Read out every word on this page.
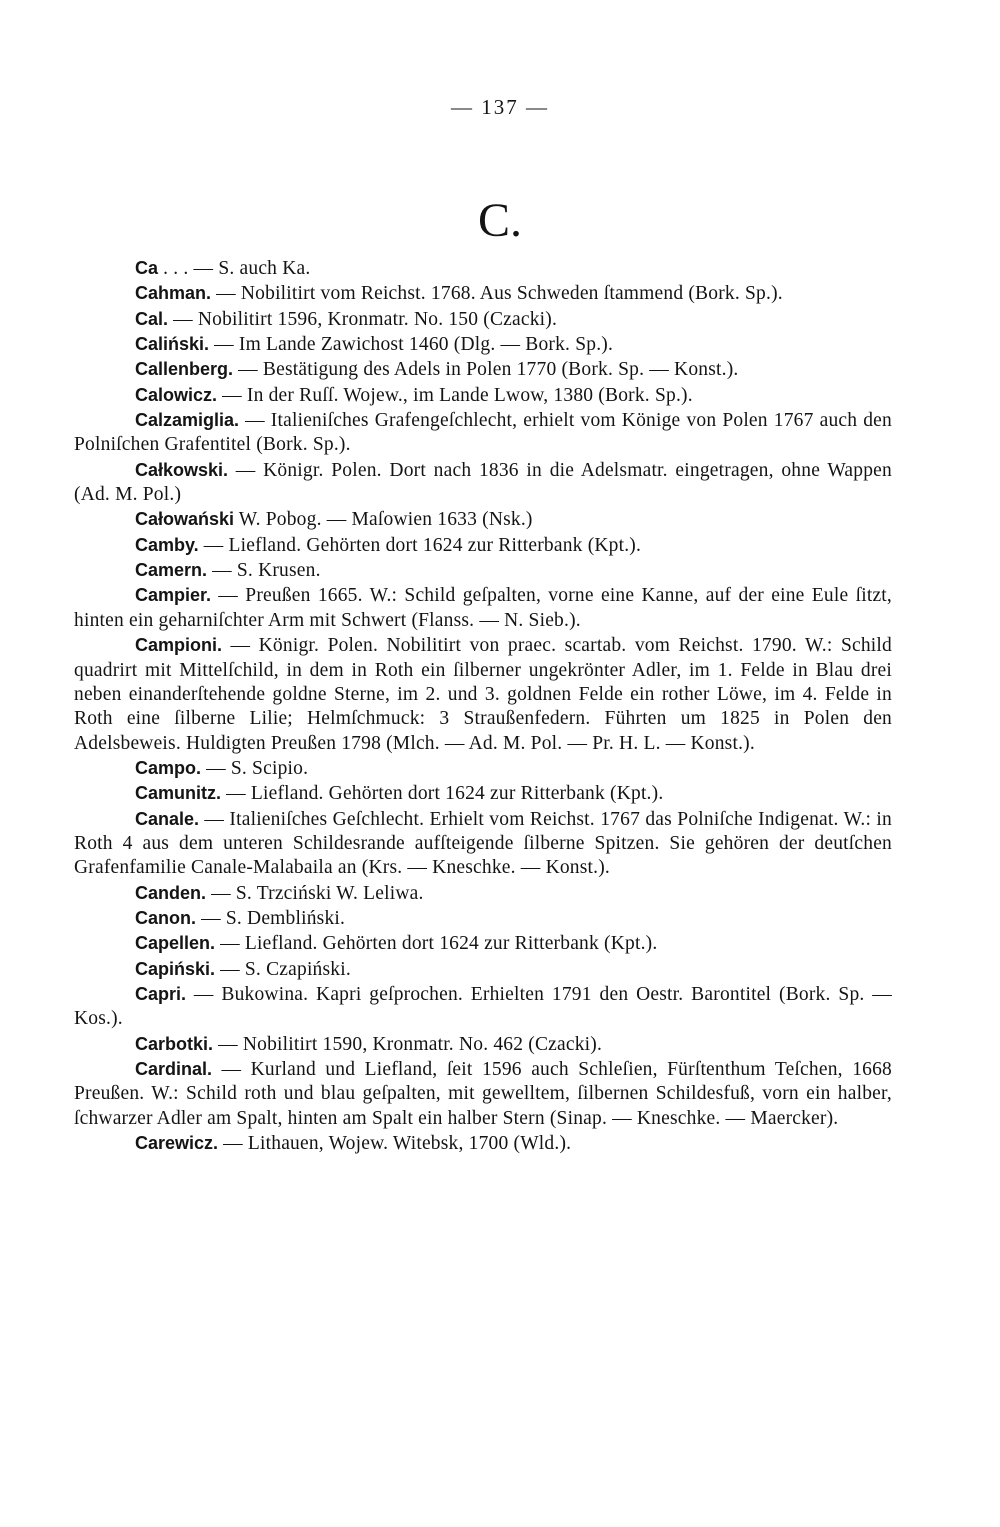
— 137 —
C.

Ca . . . — S. auch Ka.

Cahman. — Nobilitirt vom Reichst. 1768. Aus Schweden ſtammend (Bork. Sp.).

Cal. — Nobilitirt 1596, Kronmatr. No. 150 (Czacki).

Caliński. — Im Lande Zawichost 1460 (Dlg. — Bork. Sp.).

Callenberg. — Bestätigung des Adels in Polen 1770 (Bork. Sp. — Konst.).

Calowicz. — In der Ruſſ. Wojew., im Lande Lwow, 1380 (Bork. Sp.).

Calzamiglia. — Italieniſches Grafengeſchlecht, erhielt vom Könige von Polen 1767 auch den Polniſchen Grafentitel (Bork. Sp.).

Całkowski. — Königr. Polen. Dort nach 1836 in die Adelsmatr. eingetragen, ohne Wappen (Ad. M. Pol.)

Całowański W. Pobog. — Maſowien 1633 (Nsk.)

Camby. — Liefland. Gehörten dort 1624 zur Ritterbank (Kpt.).

Camern. — S. Krusen.

Campier. — Preußen 1665. W.: Schild geſpalten, vorne eine Kanne, auf der eine Eule ſitzt, hinten ein geharniſchter Arm mit Schwert (Flanss. — N. Sieb.).

Campioni. — Königr. Polen. Nobilitirt von praec. scartab. vom Reichst. 1790. W.: Schild quadrirt mit Mittelſchild, in dem in Roth ein ſilberner ungekrönter Adler, im 1. Felde in Blau drei neben einanderſtehende goldne Sterne, im 2. und 3. goldnen Felde ein rother Löwe, im 4. Felde in Roth eine ſilberne Lilie; Helmſchmuck: 3 Straußenfedern. Führten um 1825 in Polen den Adelsbeweis. Huldigten Preußen 1798 (Mlch. — Ad. M. Pol. — Pr. H. L. — Konst.).

Campo. — S. Scipio.

Camunitz. — Liefland. Gehörten dort 1624 zur Ritterbank (Kpt.).

Canale. — Italieniſches Geſchlecht. Erhielt vom Reichst. 1767 das Polniſche Indigenat. W.: in Roth 4 aus dem unteren Schildesrande aufſteigende ſilberne Spitzen. Sie gehören der deutſchen Grafenfamilie Canale-Malabaila an (Krs. — Kneschke. — Konst.).

Canden. — S. Trzciński W. Leliwa.

Canon. — S. Dembliński.

Capellen. — Liefland. Gehörten dort 1624 zur Ritterbank (Kpt.).

Capiński. — S. Czapiński.

Capri. — Bukowina. Kapri geſprochen. Erhielten 1791 den Oestr. Barontitel (Bork. Sp. — Kos.).

Carbotki. — Nobilitirt 1590, Kronmatr. No. 462 (Czacki).

Cardinal. — Kurland und Liefland, ſeit 1596 auch Schleſien, Fürſtenthum Teſchen, 1668 Preußen. W.: Schild roth und blau geſpalten, mit gewelltem, ſilbernen Schildesfuß, vorn ein halber, ſchwarzer Adler am Spalt, hinten am Spalt ein halber Stern (Sinap. — Kneschke. — Maercker).

Carewicz. — Lithauen, Wojew. Witebsk, 1700 (Wld.).
